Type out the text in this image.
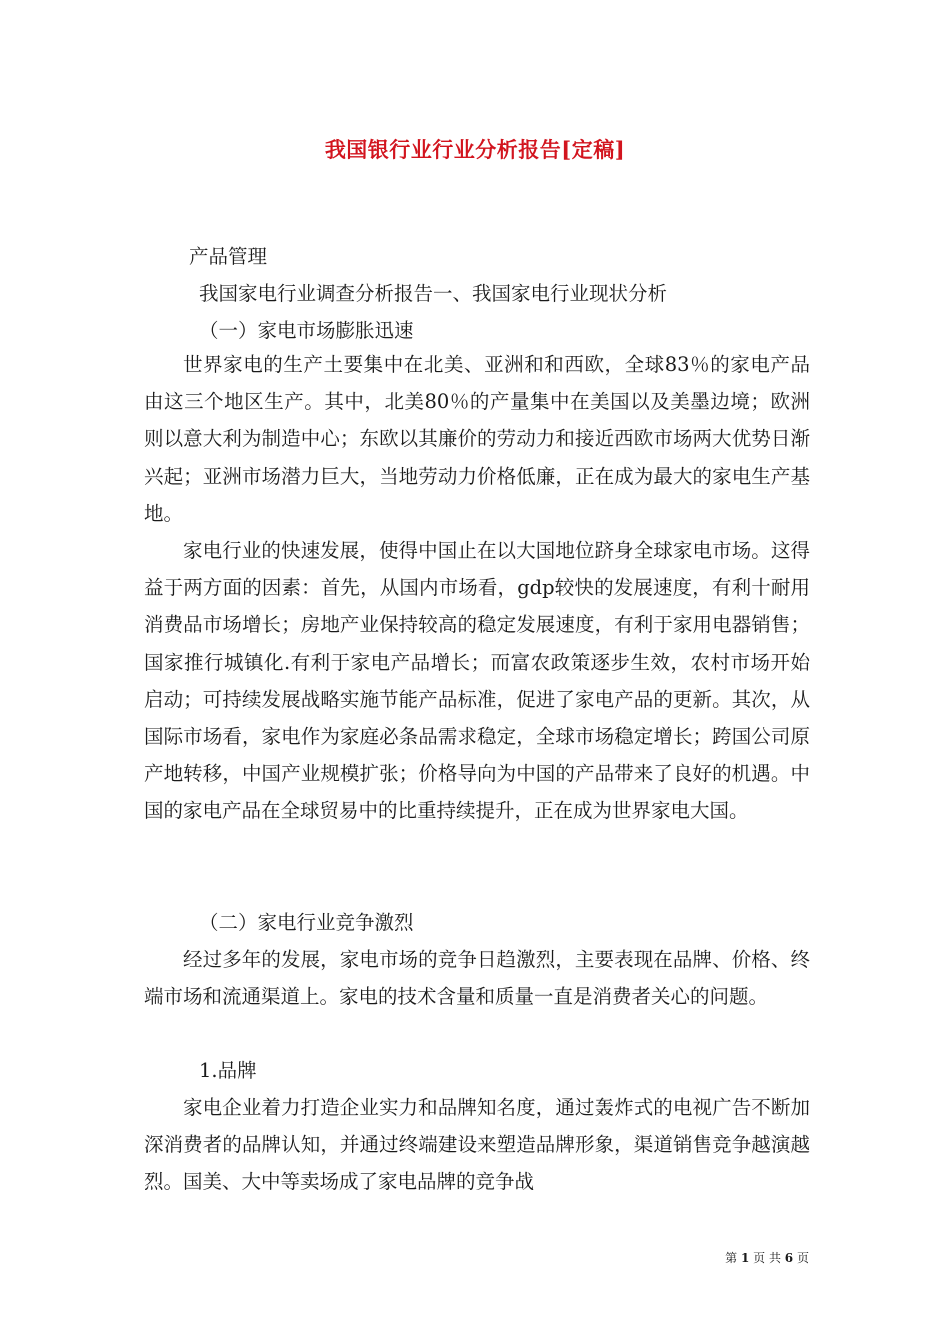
我国银行业行业分析报告[定稿]
产品管理
我国家电行业调查分析报告一、我国家电行业现状分析
（一）家电市场膨胀迅速

世界家电的生产土要集中在北美、亚洲和和西欧，全球83％的家电产品由这三个地区生产。其中，北美80％的产量集中在美国以及美墨边境；欧洲则以意大利为制造中心；东欧以其廉价的劳动力和接近西欧市场两大优势日渐兴起；亚洲市场潜力巨大，当地劳动力价格低廉，正在成为最大的家电生产基地。

家电行业的快速发展，使得中国止在以大国地位跻身全球家电市场。这得益于两方面的因素：首先，从国内市场看，gdp较快的发展速度，有利十耐用消费品市场增长；房地产业保持较高的稳定发展速度，有利于家用电器销售；国家推行城镇化.有利于家电产品增长；而富农政策逐步生效，农村市场开始启动；可持续发展战略实施节能产品标准，促进了家电产品的更新。其次，从国际市场看，家电作为家庭必条品需求稳定，全球市场稳定增长；跨国公司原产地转移，中国产业规模扩张；价格导向为中国的产品带来了良好的机遇。中国的家电产品在全球贸易中的比重持续提升，正在成为世界家电大国。

（二）家电行业竞争激烈

经过多年的发展，家电市场的竞争日趋激烈，主要表现在品牌、价格、终端市场和流通渠道上。家电的技术含量和质量一直是消费者关心的问题。

1.品牌

家电企业着力打造企业实力和品牌知名度，通过轰炸式的电视广告不断加深消费者的品牌认知，并通过终端建设来塑造品牌形象，渠道销售竞争越演越烈。国美、大中等卖场成了家电品牌的竞争战

第 1 页 共 6 页
